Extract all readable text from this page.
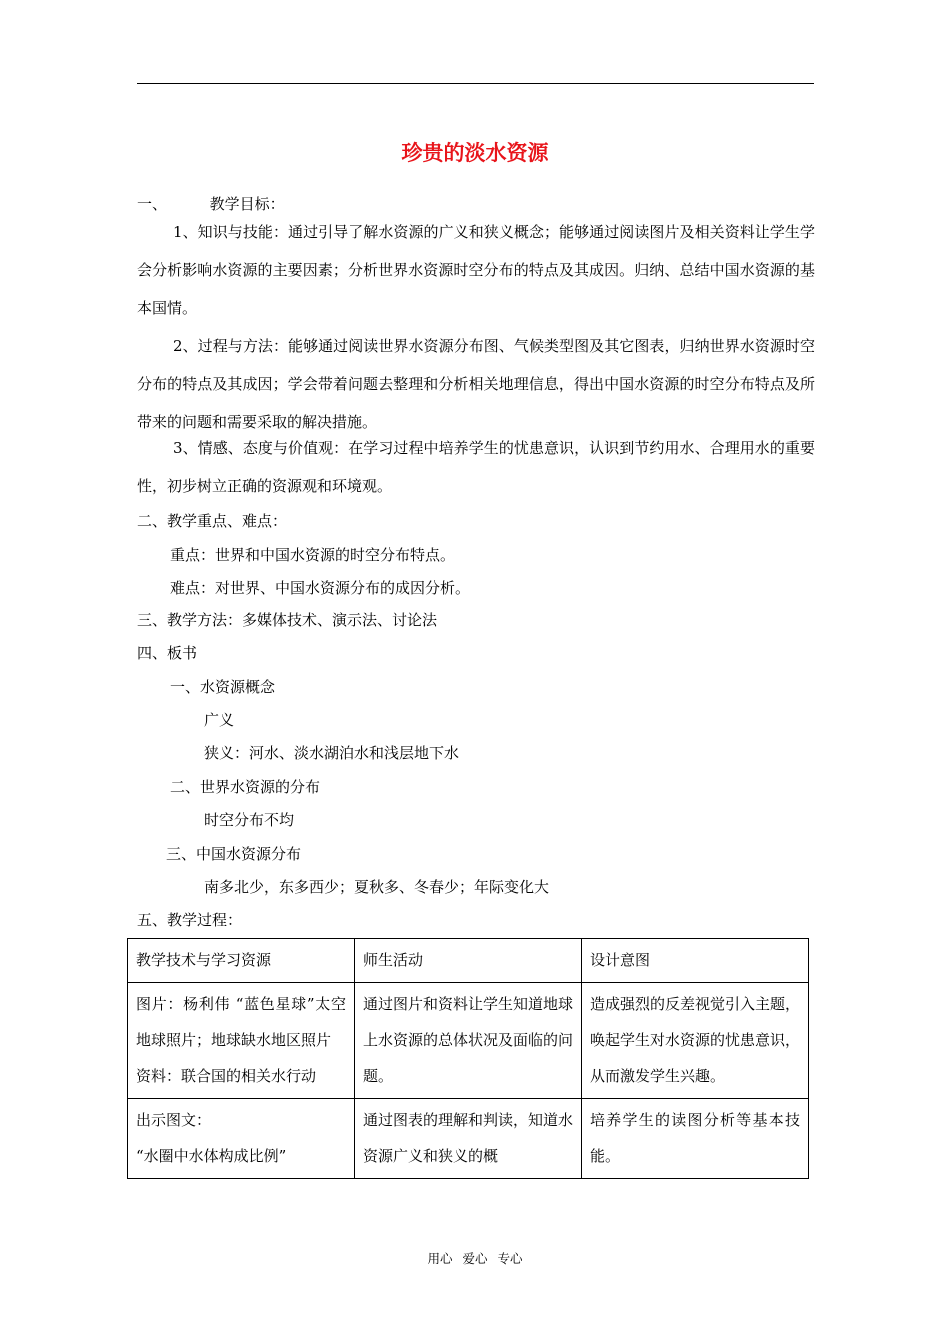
珍贵的淡水资源
一、	教学目标：
1、知识与技能：通过引导了解水资源的广义和狭义概念；能够通过阅读图片及相关资料让学生学会分析影响水资源的主要因素；分析世界水资源时空分布的特点及其成因。归纳、总结中国水资源的基本国情。
2、过程与方法：能够通过阅读世界水资源分布图、气候类型图及其它图表，归纳世界水资源时空分布的特点及其成因；学会带着问题去整理和分析相关地理信息，得出中国水资源的时空分布特点及所带来的问题和需要采取的解决措施。
3、情感、态度与价值观：在学习过程中培养学生的忧患意识，认识到节约用水、合理用水的重要性，初步树立正确的资源观和环境观。
二、教学重点、难点：
重点：世界和中国水资源的时空分布特点。
难点：对世界、中国水资源分布的成因分析。
三、教学方法：多媒体技术、演示法、讨论法
四、板书
一、水资源概念
广义
狭义：河水、淡水湖泊水和浅层地下水
二、世界水资源的分布
时空分布不均
三、中国水资源分布
南多北少，东多西少；夏秋多、冬春少；年际变化大
五、教学过程：
教学技术与学习资源	师生活动	设计意图

图片：杨利伟 “蓝色星球”太空地球照片；地球缺水地区照片
资料：联合国的相关水行动	通过图片和资料让学生知道地球上水资源的总体状况及面临的问题。	造成强烈的反差视觉引入主题，唤起学生对水资源的忧患意识，从而激发学生兴趣。

出示图文：
“水圈中水体构成比例”	通过图表的理解和判读，知道水资源广义和狭义的概	培养学生的读图分析等基本技能。
用心 爱心 专心
